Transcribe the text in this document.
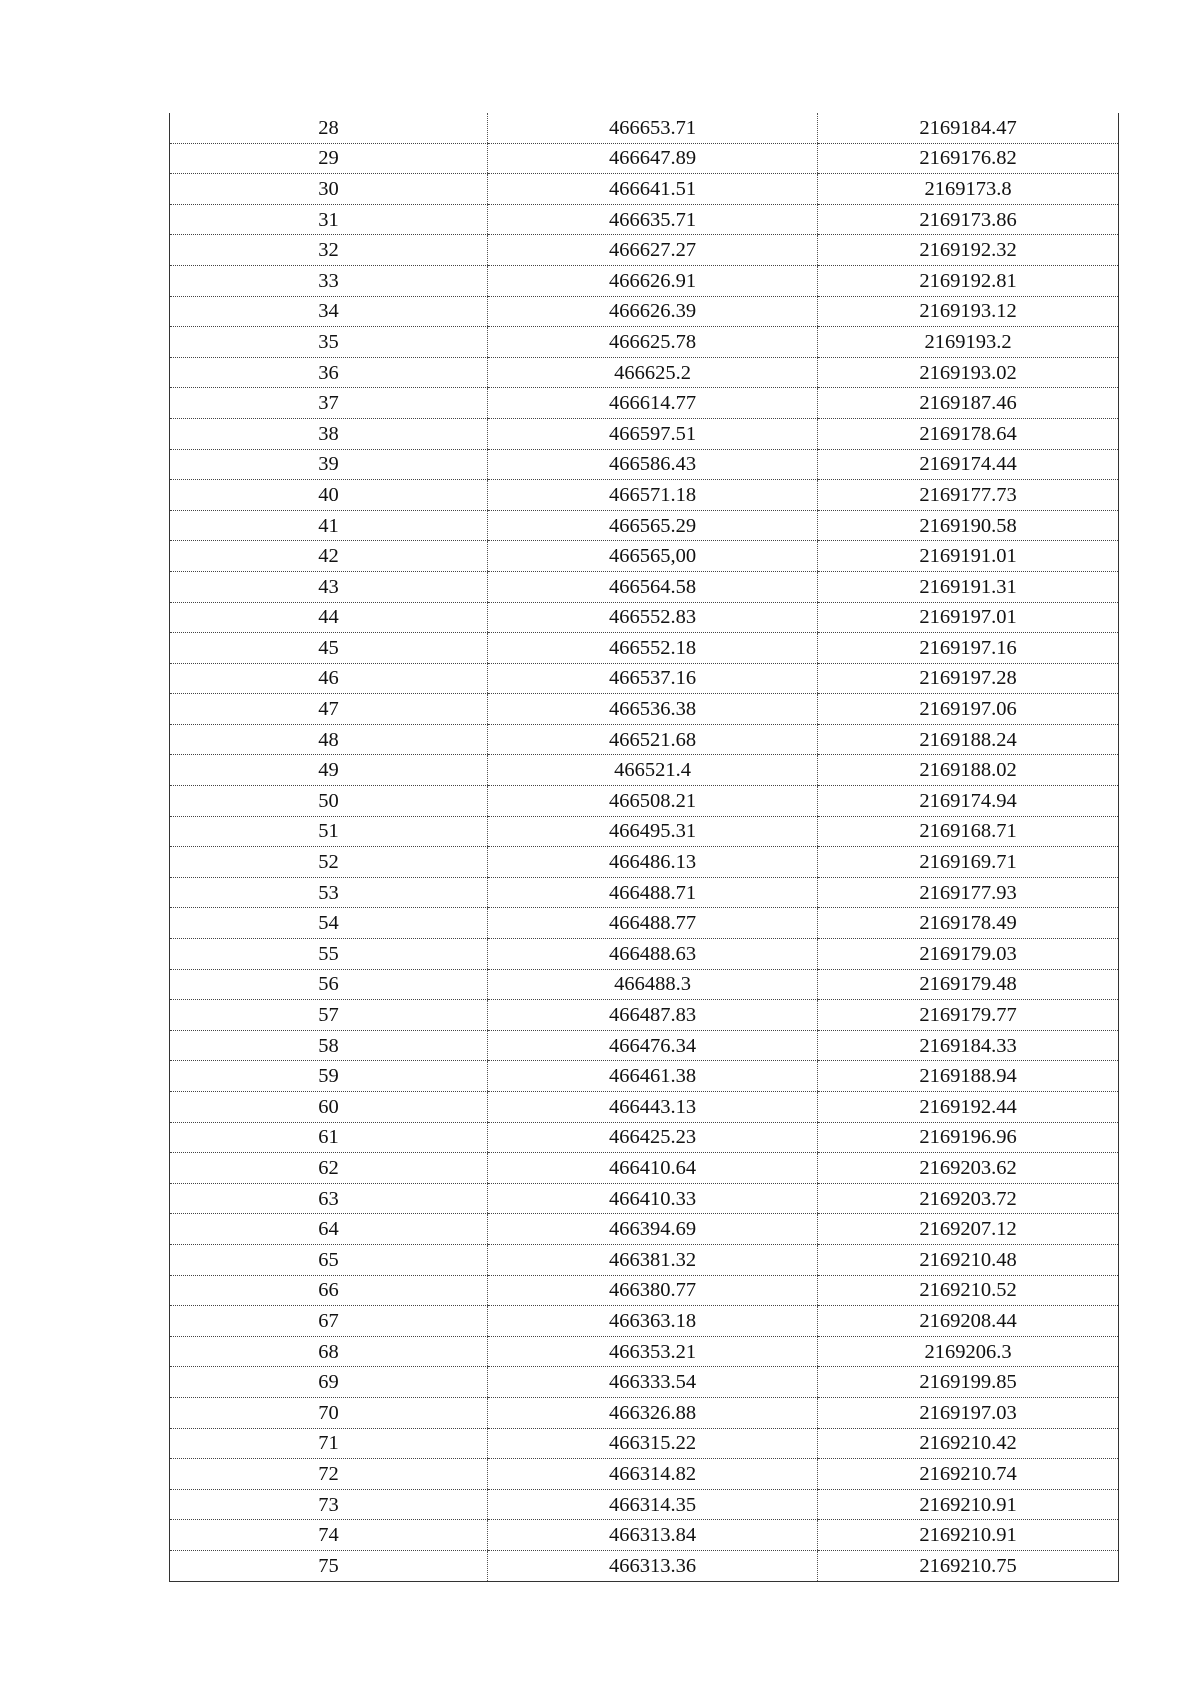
28	466653.71	2169184.47
29	466647.89	2169176.82
30	466641.51	2169173.8
31	466635.71	2169173.86
32	466627.27	2169192.32
33	466626.91	2169192.81
34	466626.39	2169193.12
35	466625.78	2169193.2
36	466625.2	2169193.02
37	466614.77	2169187.46
38	466597.51	2169178.64
39	466586.43	2169174.44
40	466571.18	2169177.73
41	466565.29	2169190.58
42	466565,00	2169191.01
43	466564.58	2169191.31
44	466552.83	2169197.01
45	466552.18	2169197.16
46	466537.16	2169197.28
47	466536.38	2169197.06
48	466521.68	2169188.24
49	466521.4	2169188.02
50	466508.21	2169174.94
51	466495.31	2169168.71
52	466486.13	2169169.71
53	466488.71	2169177.93
54	466488.77	2169178.49
55	466488.63	2169179.03
56	466488.3	2169179.48
57	466487.83	2169179.77
58	466476.34	2169184.33
59	466461.38	2169188.94
60	466443.13	2169192.44
61	466425.23	2169196.96
62	466410.64	2169203.62
63	466410.33	2169203.72
64	466394.69	2169207.12
65	466381.32	2169210.48
66	466380.77	2169210.52
67	466363.18	2169208.44
68	466353.21	2169206.3
69	466333.54	2169199.85
70	466326.88	2169197.03
71	466315.22	2169210.42
72	466314.82	2169210.74
73	466314.35	2169210.91
74	466313.84	2169210.91
75	466313.36	2169210.75
